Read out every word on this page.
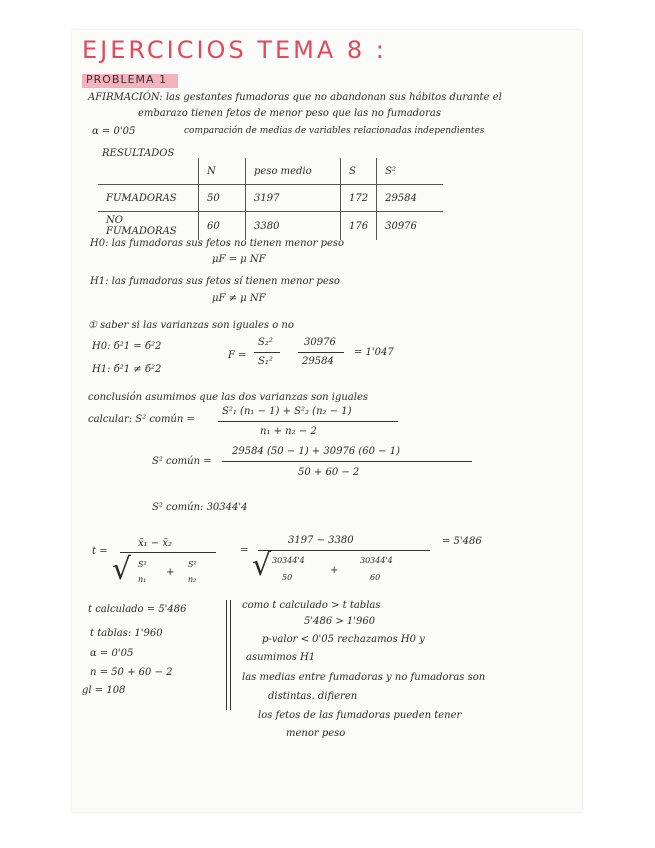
EJERCICIOS TEMA 8 :
PROBLEMA 1
AFIRMACIÓN: las gestantes fumadoras que no abandonan sus hábitos durante el
embarazo tienen fetos de menor peso que las no fumadoras
α = 0'05	comparación de medias de variables relacionadas independientes
RESULTADOS
	N	peso medio	S	S²
FUMADORAS	50	3197	172	29584
NO FUMADORAS	60	3380	176	30976
H0: las fumadoras sus fetos no tienen menor peso
μF = μ NF
H1: las fumadoras sus fetos sí tienen menor peso
μF ≠ μ NF
① saber si las varianzas son iguales o no
H0: б²1 = б²2
H1: б²1 ≠ б²2
F =
S₂²
S₁²
30976
29584
= 1'047
conclusión asumimos que las dos varianzas son iguales
calcular: S² común =
S²₁ (n₁ − 1) + S²₂ (n₂ − 1)
n₁ + n₂ − 2
S² común =
29584 (50 − 1) + 30976 (60 − 1)
50 + 60 − 2
S² común: 30344'4
t =
x̄₁ − x̄₂
√ S²
n₁
+
S²
n₂
=
3197 − 3380
√ 30344'4
50
+
30344'4
60
= 5'486
t calculado = 5'486
t tablas: 1'960
α = 0'05
n = 50 + 60 − 2
gl = 108
como t calculado > t tablas
5'486 > 1'960
p-valor < 0'05 rechazamos H0 y
asumimos H1
las medias entre fumadoras y no fumadoras son
distintas. difieren
los fetos de las fumadoras pueden tener
menor peso
